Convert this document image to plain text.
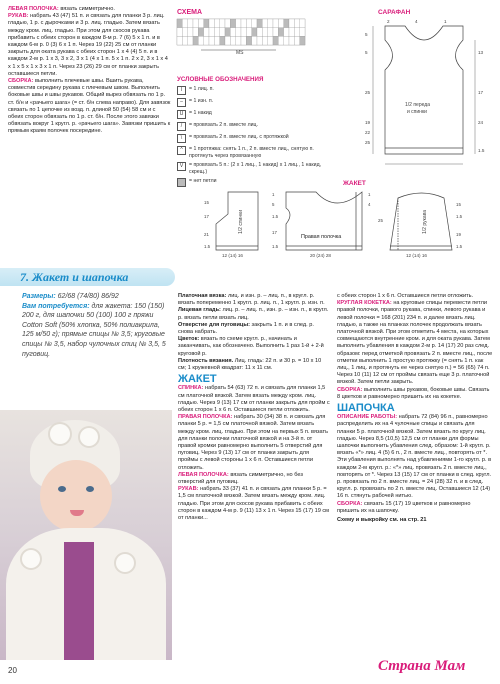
ЛЕВАЯ ПОЛОЧКА: вязать симметрично.

РУКАВ: набрать 43 (47) 51 п. и связать для планки 3 р. лиц. гладью, 1 р. с дырочками и 3 р. лиц. гладью. Затем вязать между кром. лиц. гладью. При этом для скосов рукава прибавить с обеих сторон в каждом 8-м р. 7 (6) 5 x 1 п. и в каждом 6-м р. 0 (3) 6 x 1 п. Через 19 (22) 25 см от планки закрыть для оката рукава с обеих сторон 1 x 4 (4) 5 п. и в каждом 2-м р. 1 x 3, 3 x 2, 3 x 1 (4 x 1 п. 5 x 1 п. 2 x 2, 3 x 1 x 4 x 1 x 5 x 1 x 3 x 1 п. Через 23 (26) 29 см от планки закрыть оставшиеся петли.

СБОРКА: выполнить плечевые швы. Вшить рукава, совместив середину рукава с плечевым швом. Выполнить боковые швы и швы рукавов. Общий вырез обвязать по 1 р. ст. б/н и «рачьего шага» (= ст. б/н слева направо). Для завязок связать по 1 цепочке из возд. п. длиной 50 (54) 58 см и с обеих сторон обвязать по 1 р. ст. б/н. После этого завязки обвязать вокруг 1 кругл. р. «рачьего шага». Завязки пришить к прямым краям полочек посередине.

СХЕМА
MS
УСЛОВНЫЕ ОБОЗНАЧЕНИЯ
I	= 1 лиц. п.
–	= 1 изн. п.
U	= 1 накид
/	= провязать 2 п. вместе лиц.
\	= провязать 2 п. вместе лиц. с протяжкой
^	= 1 протяжка: снять 1 п., 2 п. вместе лиц., снятую п. протянуть через провязанную
V	= провязать 5 п.: (2 x 1 лиц., 1 накид) x 1 лиц., 1 накид, скрещ.)
= нет петли
САРАФАН
1/2 переда
и спинки
2	4	1
5
5	13
17
25
24
19
22
25
1.5
ЖАКЕТ
1/2 спинки
Правая полочка
1/2 рукава
12 (14) 16	20 (24) 28	12 (14) 16
15
17
21
1.5
1
5
1.5
17
1.5
1
4
25
15
1.5
19
1.5
7. Жакет и шапочка

Размеры: 62/68 (74/80) 86/92

Вам потребуется: для жакета: 150 (150) 200 г, для шапочки 50 (100) 100 г пряжи Cotton Soft (50% хлопка, 50% полиакрила, 125 м/50 г); прямые спицы № 3,5; круговые спицы № 3,5, набор чулочных спиц № 3,5, 5 пуговиц.

Платочная вязка: лиц. и изн. р. – лиц. п., в кругл. р. вязать попеременно 1 кругл. р. лиц. п., 1 кругл. р. изн. п.

Лицевая гладь: лиц. р. – лиц. п., изн. р. – изн. п., в кругл. р. вязать петли вязать лиц.

Отверстие для пуговицы: закрыть 1 п. и в след. р. снова набрать.

Цветок: вязать по схеме кругл. р., начинать и заканчивать, как обозначено. Выполнить 1 раз 1-й + 2-й круговой р.

Плотность вязания. Лиц. гладь: 22 п. и 30 р. = 10 x 10 см; 1 кружевной квадрат: 11 x 11 см.

ЖАКЕТ

СПИНКА: набрать 54 (63) 72 п. и связать для планки 1,5 см платочной вязкой. Затем вязать между кром. лиц. гладью. Через 9 (13) 17 см от планки закрыть для пройм с обеих сторон 1 x 6 п. Оставшиеся петли отложить.

ПРАВАЯ ПОЛОЧКА: набрать 30 (34) 38 п. и связать для планки 5 р. = 1,5 см платочной вязкой. Затем вязать между кром. лиц. гладью. При этом на первых 5 п. вязать для планки полочки платочной вязкой и на 3-й п. от правой кромки равномерно выполнить 5 отверстий для пуговиц. Через 9 (13) 17 см от планки закрыть для проймы с левой стороны 1 x 6 п. Оставшиеся петли отложить.

ЛЕВАЯ ПОЛОЧКА: вязать симметрично, но без отверстий для пуговиц.

РУКАВ: набрать 33 (37) 41 п. и связать для планки 5 р. = 1,5 см платочной вязкой. Затем вязать между кром. лиц. гладью. При этом для скосов рукава прибавить с обеих сторон в каждом 4-м р. 9 (11) 13 x 1 п. Через 15 (17) 19 см от планки...

с обеих сторон 1 x 6 п. Оставшиеся петли отложить.

КРУГЛАЯ КОКЕТКА: на круговые спицы перевести петли правой полочки, правого рукава, спинки, левого рукава и левой полочки = 168 (201) 234 п. и далее вязать лиц. гладью, а также на планках полочек продолжать вязать платочной вязкой. При этом отметить 4 места, на которых совмещаются внутренние кром. и для оката рукава. Затем выполнить убавления в каждом 2-м р. 14 (17) 20 раз след. образом: перед отметкой провязать 2 п. вместе лиц., после отметки выполнить 1 простую протяжку (= снять 1 п. как лиц., 1 лиц. и протянуть ее через снятую п.) = 56 (65) 74 п. Через 10 (11) 12 см от проймы связать еще 3 р. платочной вязкой. Затем петли закрыть.

СБОРКА: выполнить швы рукавов, боковые швы. Связать 8 цветков и равномерно пришить их на кокетке.

ШАПОЧКА

ОПИСАНИЕ РАБОТЫ: набрать 72 (84) 96 п., равномерно распределить их на 4 чулочные спицы и связать для планки 5 р. платочной вязкой. Затем вязать по кругу лиц. гладью. Через 8,5 (10,5) 12,5 см от планки для формы шапочки выполнить убавления след. образом: 1-й кругл. р. вязать «*» лиц. 4 (5) 6 п., 2 п. вместе лиц., повторять от *. Эти убавления выполнять над убавлениями 1-го кругл. р. в каждом 2-м кругл. р.: «*» лиц. провязать 2 п. вместе лиц., повторять от *. Через 13 (15) 17 см от планки в след. кругл. р. провязать по 2 п. вместе лиц. = 24 (28) 32 п. и в след. кругл. р. провязать по 2 п. вместе лиц. Оставшиеся 12 (14) 16 п. стянуть рабочей нитью.

СБОРКА: связать 15 (17) 19 цветков и равномерно пришить их на шапочку.

Схему и выкройку см. на стр. 21

20	Страна Мам
